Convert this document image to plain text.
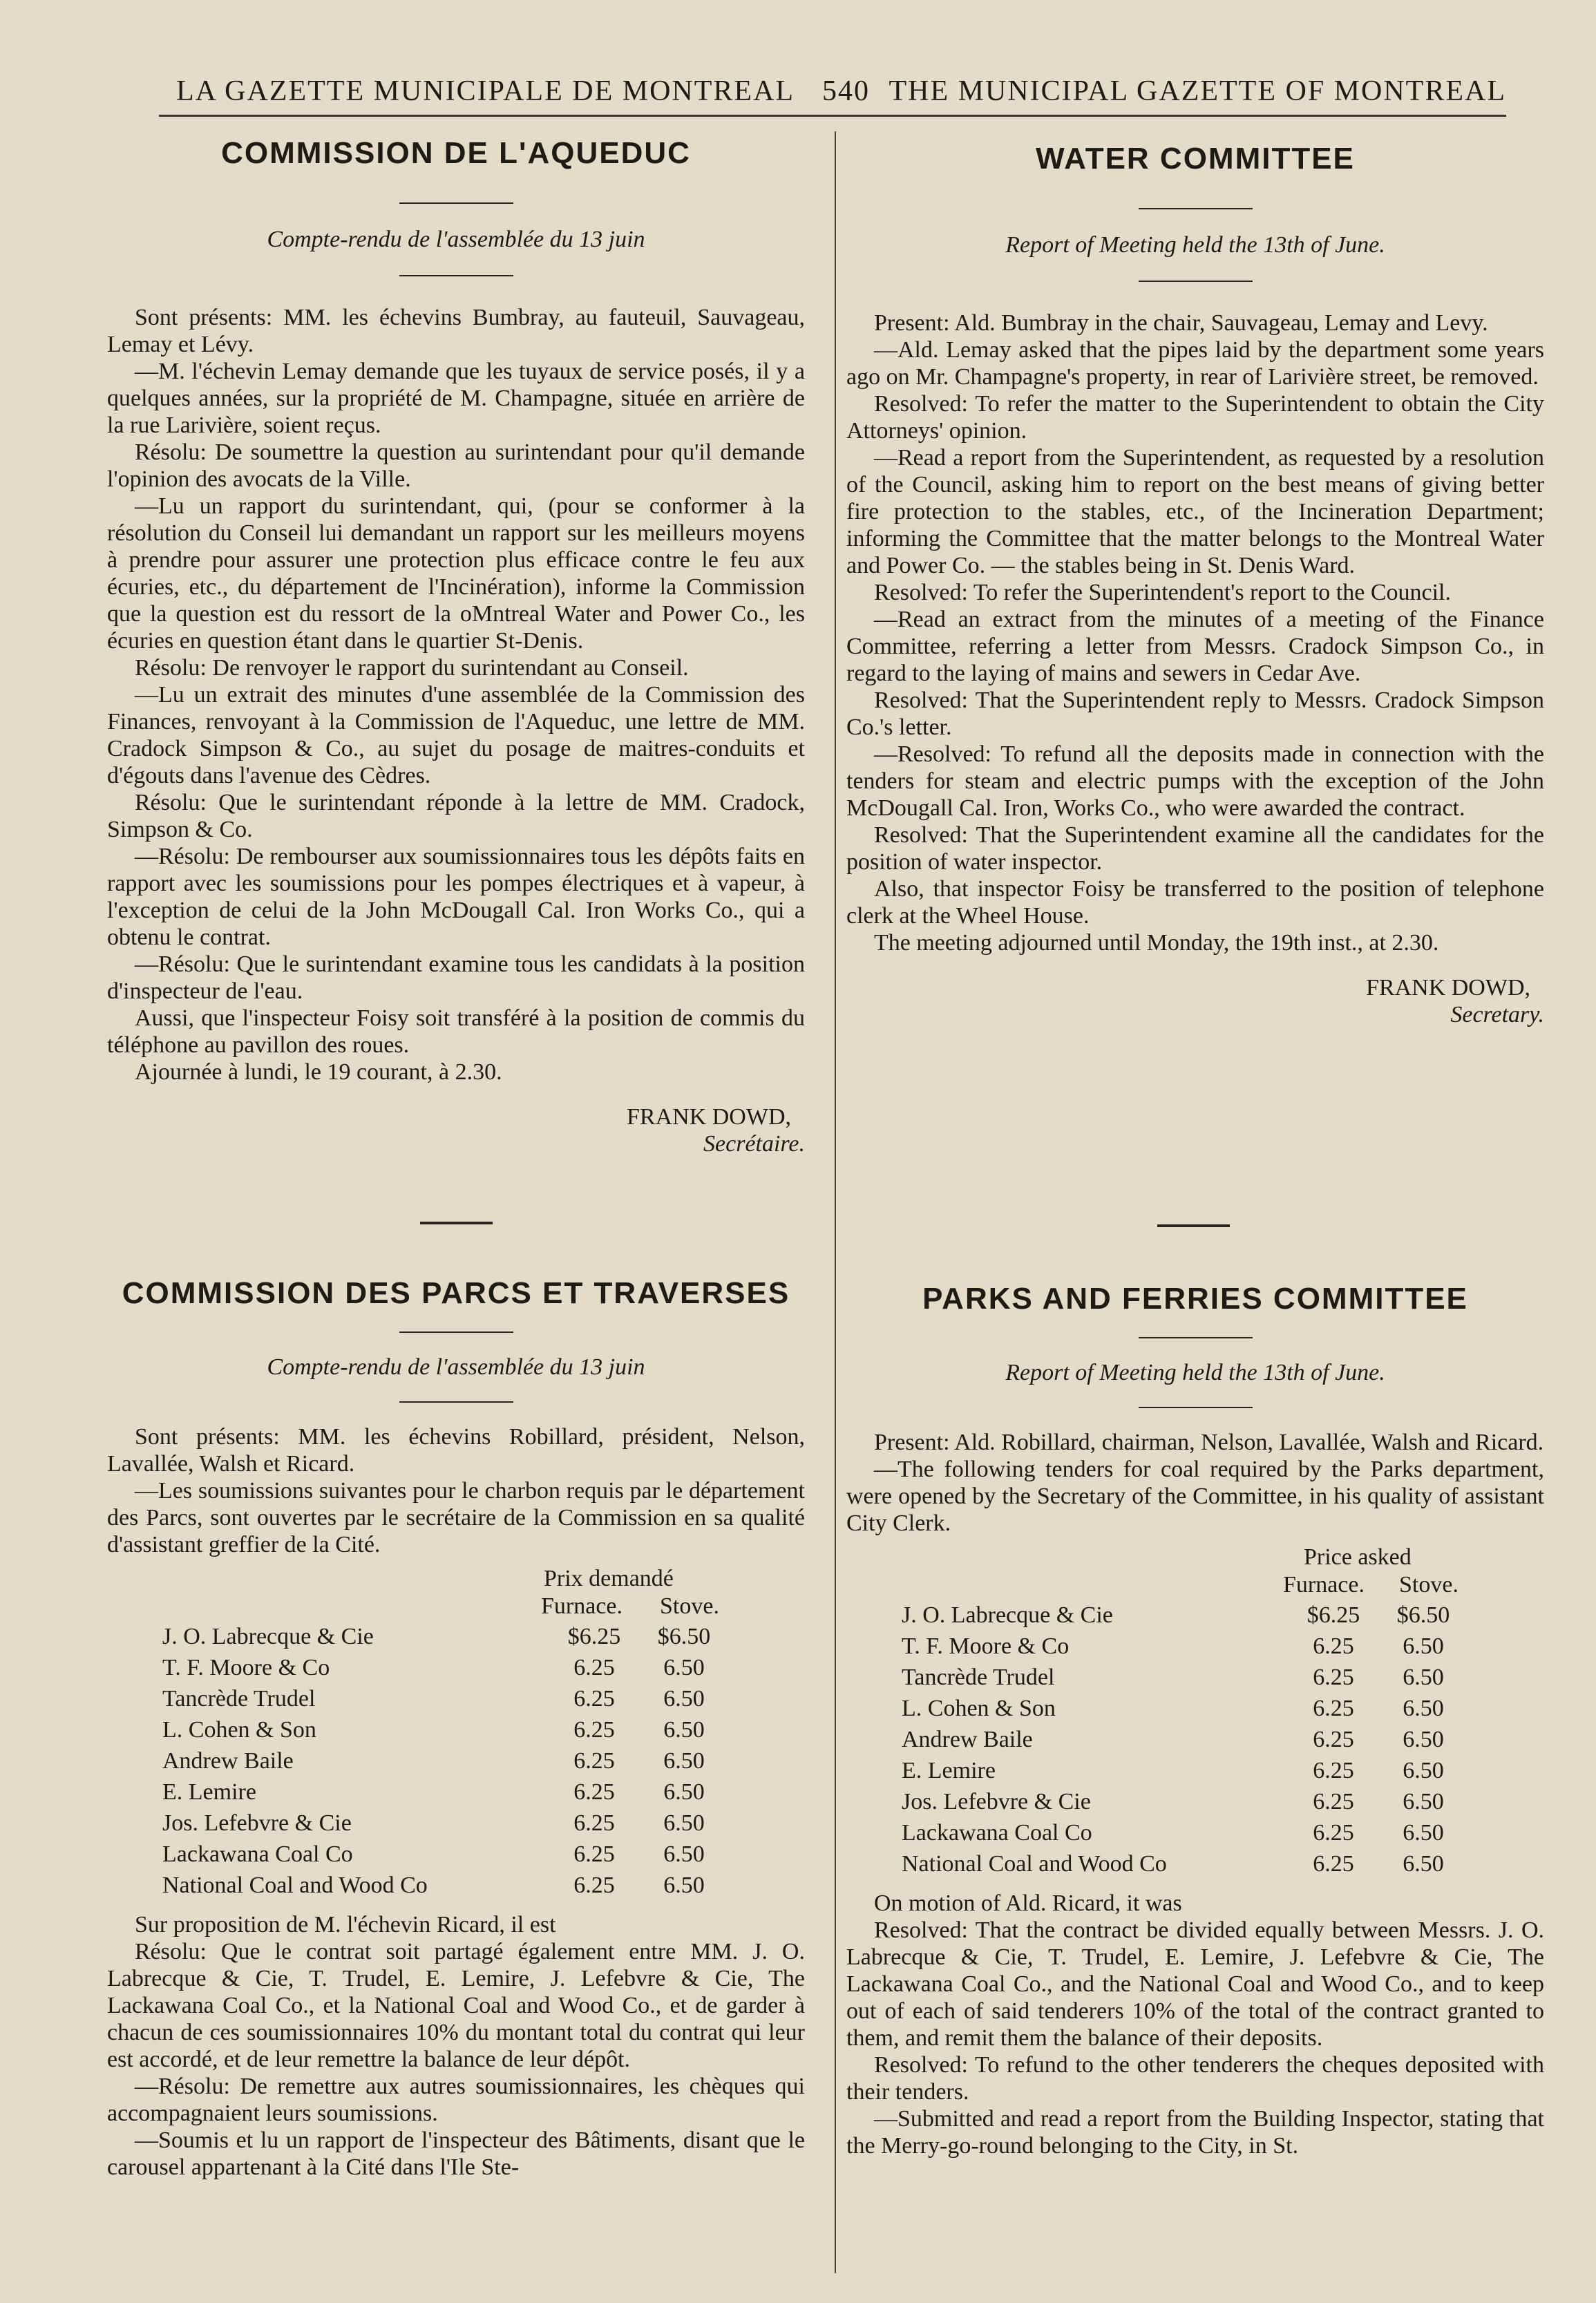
LA GAZETTE MUNICIPALE DE MONTREAL 540 THE MUNICIPAL GAZETTE OF MONTREAL
COMMISSION DE L'AQUEDUC
Compte-rendu de l'assemblée du 13 juin

Sont présents: MM. les échevins Bumbray, au fauteuil, Sauvageau, Lemay et Lévy.

—M. l'échevin Lemay demande que les tuyaux de service posés, il y a quelques années, sur la propriété de M. Champagne, située en arrière de la rue Larivière, soient reçus.

Résolu: De soumettre la question au surintendant pour qu'il demande l'opinion des avocats de la Ville.

—Lu un rapport du surintendant, qui, (pour se conformer à la résolution du Conseil lui demandant un rapport sur les meilleurs moyens à prendre pour assurer une protection plus efficace contre le feu aux écuries, etc., du département de l'Incinération), informe la Commission que la question est du ressort de la oMntreal Water and Power Co., les écuries en question étant dans le quartier St-Denis.

Résolu: De renvoyer le rapport du surintendant au Conseil.

—Lu un extrait des minutes d'une assemblée de la Commission des Finances, renvoyant à la Commission de l'Aqueduc, une lettre de MM. Cradock Simpson & Co., au sujet du posage de maitres-conduits et d'égouts dans l'avenue des Cèdres.

Résolu: Que le surintendant réponde à la lettre de MM. Cradock, Simpson & Co.

—Résolu: De rembourser aux soumissionnaires tous les dépôts faits en rapport avec les soumissions pour les pompes électriques et à vapeur, à l'exception de celui de la John McDougall Cal. Iron Works Co., qui a obtenu le contrat.

—Résolu: Que le surintendant examine tous les candidats à la position d'inspecteur de l'eau.

Aussi, que l'inspecteur Foisy soit transféré à la position de commis du téléphone au pavillon des roues.

Ajournée à lundi, le 19 courant, à 2.30.

FRANK DOWD,
Secrétaire.
WATER COMMITTEE
Report of Meeting held the 13th of June.

Present: Ald. Bumbray in the chair, Sauvageau, Lemay and Levy.

—Ald. Lemay asked that the pipes laid by the department some years ago on Mr. Champagne's property, in rear of Larivière street, be removed.

Resolved: To refer the matter to the Superintendent to obtain the City Attorneys' opinion.

—Read a report from the Superintendent, as requested by a resolution of the Council, asking him to report on the best means of giving better fire protection to the stables, etc., of the Incineration Department; informing the Committee that the matter belongs to the Montreal Water and Power Co. — the stables being in St. Denis Ward.

Resolved: To refer the Superintendent's report to the Council.

—Read an extract from the minutes of a meeting of the Finance Committee, referring a letter from Messrs. Cradock Simpson Co., in regard to the laying of mains and sewers in Cedar Ave.

Resolved: That the Superintendent reply to Messrs. Cradock Simpson Co.'s letter.

—Resolved: To refund all the deposits made in connection with the tenders for steam and electric pumps with the exception of the John McDougall Cal. Iron, Works Co., who were awarded the contract.

Resolved: That the Superintendent examine all the candidates for the position of water inspector.

Also, that inspector Foisy be transferred to the position of telephone clerk at the Wheel House.

The meeting adjourned until Monday, the 19th inst., at 2.30.

FRANK DOWD,
Secretary.
COMMISSION DES PARCS ET TRAVERSES
Compte-rendu de l'assemblée du 13 juin

Sont présents: MM. les échevins Robillard, président, Nelson, Lavallée, Walsh et Ricard.

—Les soumissions suivantes pour le charbon requis par le département des Parcs, sont ouvertes par le secrétaire de la Commission en sa qualité d'assistant greffier de la Cité.

Prix demandé
Furnace. Stove.
J. O. Labrecque & Cie	$6.25	$6.50
T. F. Moore & Co	6.25	6.50
Tancrède Trudel	6.25	6.50
L. Cohen & Son	6.25	6.50
Andrew Baile	6.25	6.50
E. Lemire	6.25	6.50
Jos. Lefebvre & Cie	6.25	6.50
Lackawana Coal Co	6.25	6.50
National Coal and Wood Co	6.25	6.50

Sur proposition de M. l'échevin Ricard, il est

Résolu: Que le contrat soit partagé également entre MM. J. O. Labrecque & Cie, T. Trudel, E. Lemire, J. Lefebvre & Cie, The Lackawana Coal Co., et la National Coal and Wood Co., et de garder à chacun de ces soumissionnaires 10% du montant total du contrat qui leur est accordé, et de leur remettre la balance de leur dépôt.

—Résolu: De remettre aux autres soumissionnaires, les chèques qui accompagnaient leurs soumissions.

—Soumis et lu un rapport de l'inspecteur des Bâtiments, disant que le carousel appartenant à la Cité dans l'Ile Ste-

PARKS AND FERRIES COMMITTEE
Report of Meeting held the 13th of June.

Present: Ald. Robillard, chairman, Nelson, Lavallée, Walsh and Ricard.

—The following tenders for coal required by the Parks department, were opened by the Secretary of the Committee, in his quality of assistant City Clerk.

Price asked
Furnace. Stove.
J. O. Labrecque & Cie	$6.25	$6.50
T. F. Moore & Co	6.25	6.50
Tancrède Trudel	6.25	6.50
L. Cohen & Son	6.25	6.50
Andrew Baile	6.25	6.50
E. Lemire	6.25	6.50
Jos. Lefebvre & Cie	6.25	6.50
Lackawana Coal Co	6.25	6.50
National Coal and Wood Co	6.25	6.50

On motion of Ald. Ricard, it was

Resolved: That the contract be divided equally between Messrs. J. O. Labrecque & Cie, T. Trudel, E. Lemire, J. Lefebvre & Cie, The Lackawana Coal Co., and the National Coal and Wood Co., and to keep out of each of said tenderers 10% of the total of the contract granted to them, and remit them the balance of their deposits.

Resolved: To refund to the other tenderers the cheques deposited with their tenders.

—Submitted and read a report from the Building Inspector, stating that the Merry-go-round belonging to the City, in St.
